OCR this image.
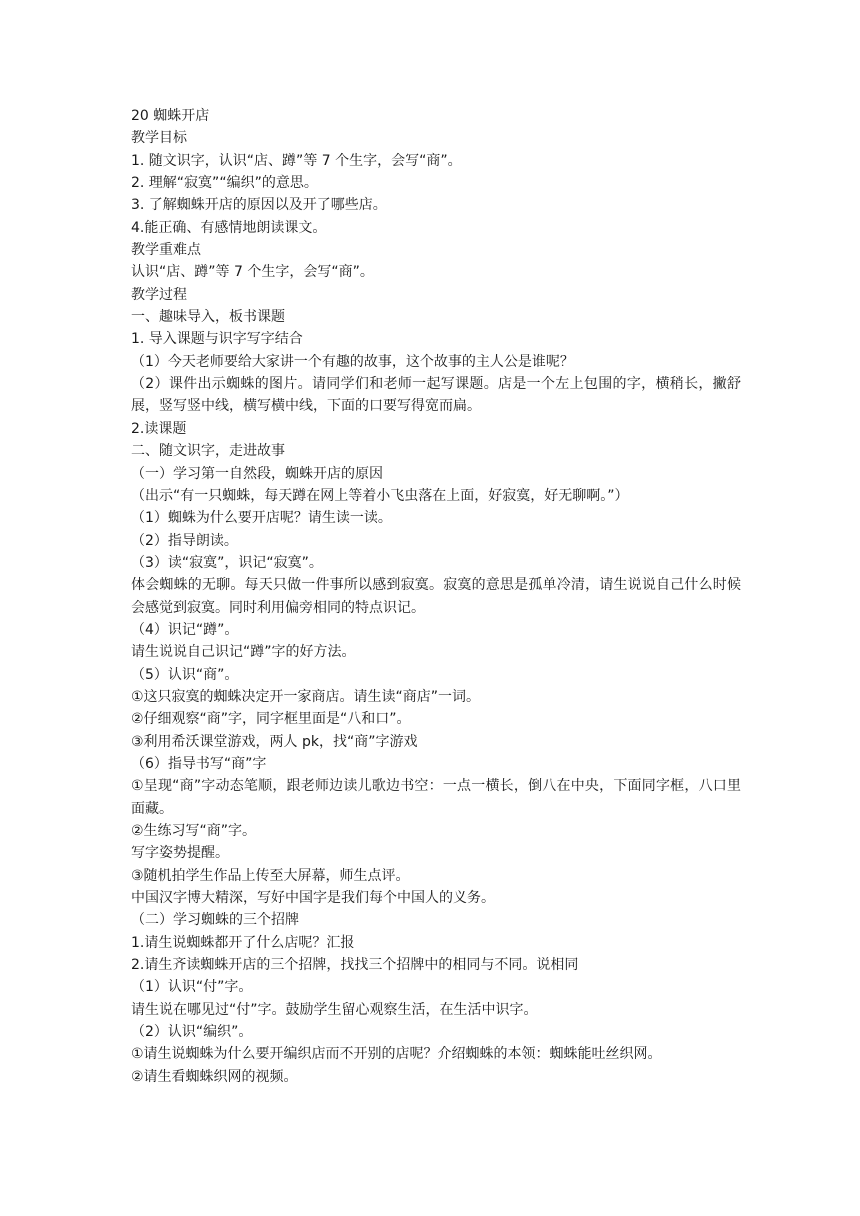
20 蜘蛛开店
教学目标
1. 随文识字，认识“店、蹲”等 7 个生字，会写“商”。
2. 理解“寂寞”“编织”的意思。
3. 了解蜘蛛开店的原因以及开了哪些店。
4.能正确、有感情地朗读课文。
教学重难点
认识“店、蹲”等 7 个生字，会写“商”。
教学过程
一、趣味导入，板书课题
1. 导入课题与识字写字结合
（1）今天老师要给大家讲一个有趣的故事，这个故事的主人公是谁呢？
（2）课件出示蜘蛛的图片。请同学们和老师一起写课题。店是一个左上包围的字，横稍长，撇舒展，竖写竖中线，横写横中线，下面的口要写得宽而扁。
2.读课题
二、随文识字，走进故事
（一）学习第一自然段，蜘蛛开店的原因
（出示“有一只蜘蛛，每天蹲在网上等着小飞虫落在上面，好寂寞，好无聊啊。”）
（1）蜘蛛为什么要开店呢？请生读一读。
（2）指导朗读。
（3）读“寂寞”，识记“寂寞”。
体会蜘蛛的无聊。每天只做一件事所以感到寂寞。寂寞的意思是孤单冷清，请生说说自己什么时候会感觉到寂寞。同时利用偏旁相同的特点识记。
（4）识记“蹲”。
请生说说自己识记“蹲”字的好方法。
（5）认识“商”。
①这只寂寞的蜘蛛决定开一家商店。请生读“商店”一词。
②仔细观察“商”字，同字框里面是“八和口”。
③利用希沃课堂游戏，两人 pk，找“商”字游戏
（6）指导书写“商”字
①呈现“商”字动态笔顺，跟老师边读儿歌边书空：一点一横长，倒八在中央，下面同字框，八口里面藏。
②生练习写“商”字。
写字姿势提醒。
③随机拍学生作品上传至大屏幕，师生点评。
中国汉字博大精深，写好中国字是我们每个中国人的义务。
（二）学习蜘蛛的三个招牌
1.请生说蜘蛛都开了什么店呢？汇报
2.请生齐读蜘蛛开店的三个招牌，找找三个招牌中的相同与不同。说相同
（1）认识“付”字。
请生说在哪见过“付”字。鼓励学生留心观察生活，在生活中识字。
（2）认识“编织”。
①请生说蜘蛛为什么要开编织店而不开别的店呢？介绍蜘蛛的本领：蜘蛛能吐丝织网。
②请生看蜘蛛织网的视频。
